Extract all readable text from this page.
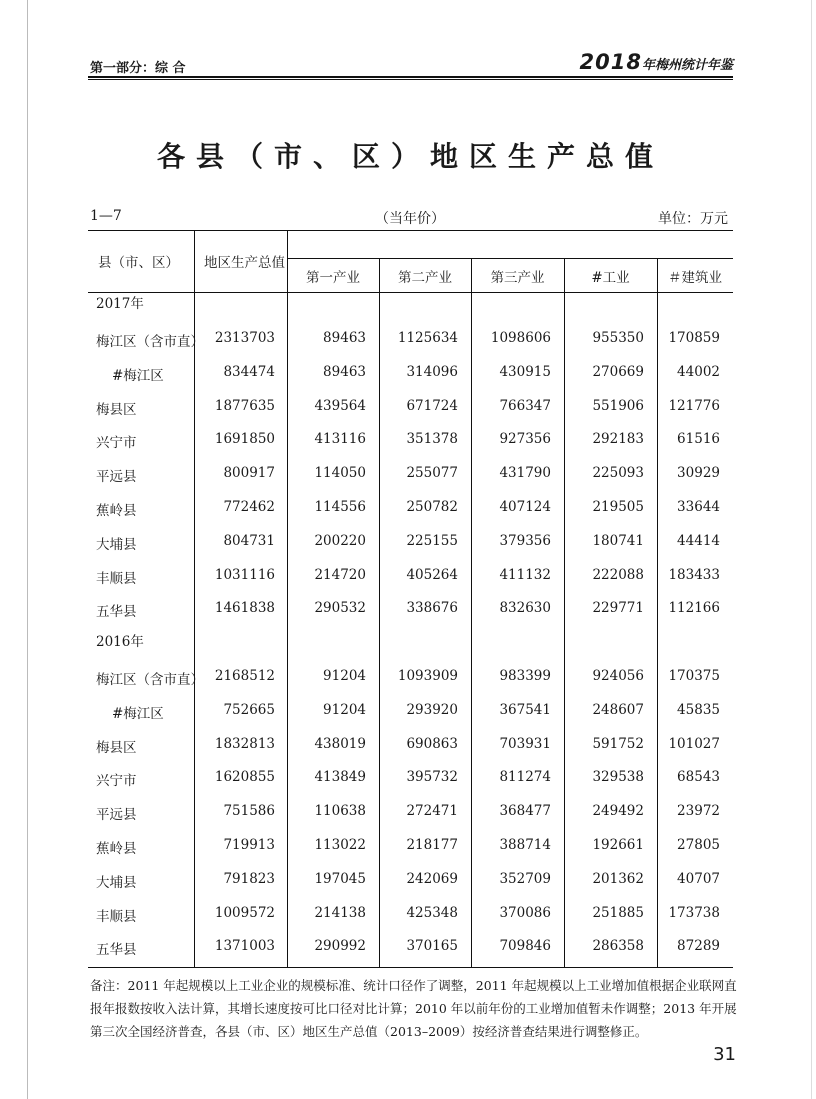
第一部分：综 合	2018年梅州统计年鉴
各县（市、区）地区生产总值
1—7	（当年价）	单位：万元
县（市、区） 地区生产总值
第一产业	第二产业	第三产业	#工业	＃建筑业
2017年
梅江区（含市直） 2313703	89463	1125634	1098606	955350	170859
#梅江区	834474	89463	314096	430915	270669	44002
梅县区	1877635	439564	671724	766347	551906	121776
兴宁市	1691850	413116	351378	927356	292183	61516
平远县	800917	114050	255077	431790	225093	30929
蕉岭县	772462	114556	250782	407124	219505	33644
大埔县	804731	200220	225155	379356	180741	44414
丰顺县	1031116	214720	405264	411132	222088	183433
五华县	1461838	290532	338676	832630	229771	112166
2016年
梅江区（含市直） 2168512	91204	1093909	983399	924056	170375
#梅江区	752665	91204	293920	367541	248607	45835
梅县区	1832813	438019	690863	703931	591752	101027
兴宁市	1620855	413849	395732	811274	329538	68543
平远县	751586	110638	272471	368477	249492	23972
蕉岭县	719913	113022	218177	388714	192661	27805
大埔县	791823	197045	242069	352709	201362	40707
丰顺县	1009572	214138	425348	370086	251885	173738
五华县	1371003	290992	370165	709846	286358	87289
备注：2011 年起规模以上工业企业的规模标准、统计口径作了调整，2011 年起规模以上工业增加值根据企业联网直报年报数按收入法计算，其增长速度按可比口径对比计算；2010 年以前年份的工业增加值暂未作调整；2013 年开展第三次全国经济普查，各县（市、区）地区生产总值（2013–2009）按经济普查结果进行调整修正。
31
